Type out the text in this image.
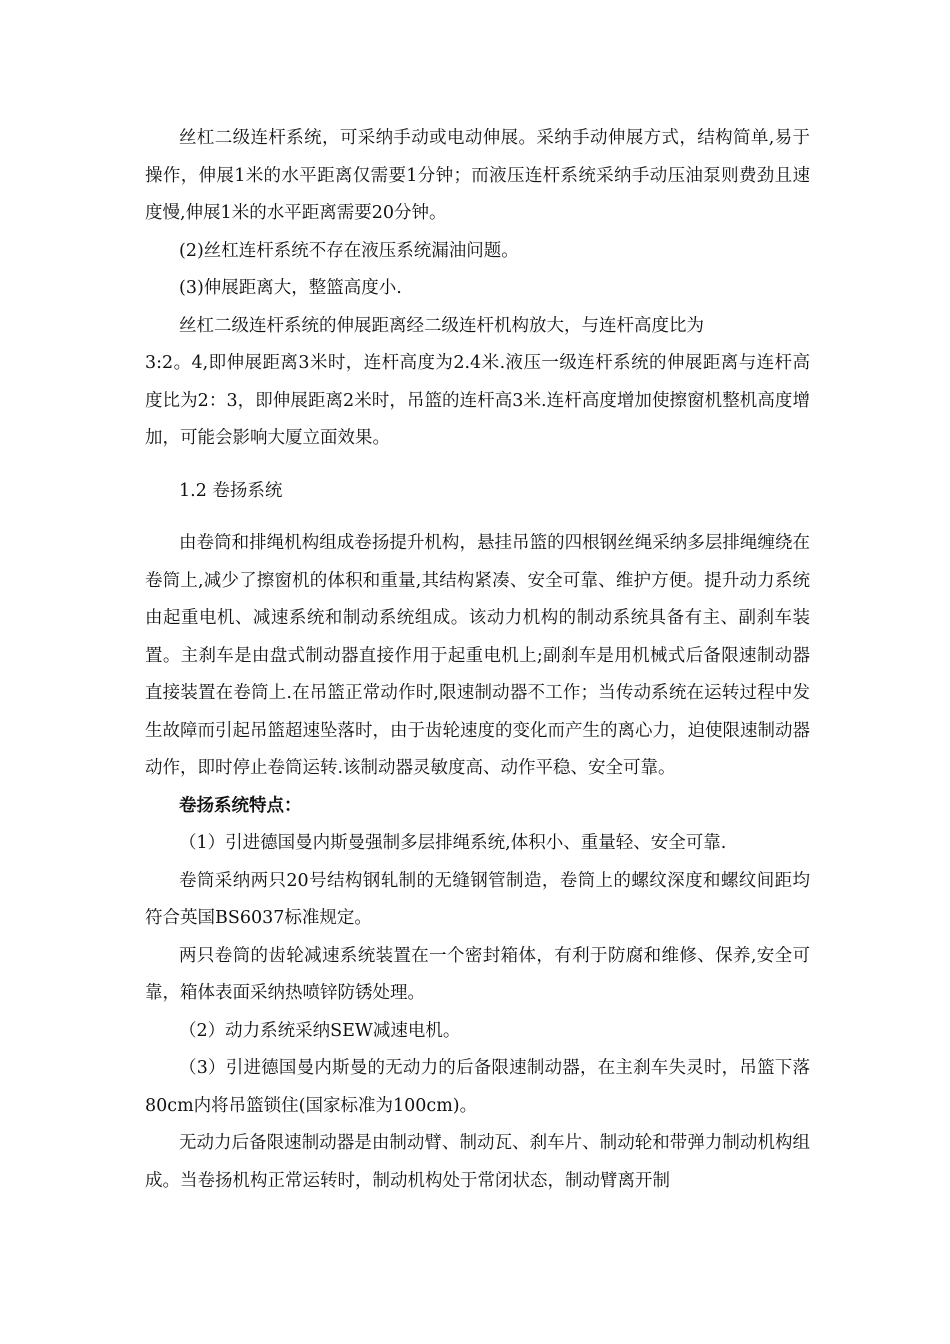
丝杠二级连杆系统，可采纳手动或电动伸展。采纳手动伸展方式，结构简单,易于操作，伸展1米的水平距离仅需要1分钟；而液压连杆系统采纳手动压油泵则费劲且速度慢,伸展1米的水平距离需要20分钟。

(2)丝杠连杆系统不存在液压系统漏油问题。

(3)伸展距离大，整篮高度小.

丝杠二级连杆系统的伸展距离经二级连杆机构放大，与连杆高度比为

3:2。4,即伸展距离3米时，连杆高度为2.4米.液压一级连杆系统的伸展距离与连杆高度比为2：3，即伸展距离2米时，吊篮的连杆高3米.连杆高度增加使擦窗机整机高度增加，可能会影响大厦立面效果。

1.2 卷扬系统

由卷筒和排绳机构组成卷扬提升机构，悬挂吊篮的四根钢丝绳采纳多层排绳缠绕在卷筒上,减少了擦窗机的体积和重量,其结构紧凑、安全可靠、维护方便。提升动力系统由起重电机、减速系统和制动系统组成。该动力机构的制动系统具备有主、副刹车装置。主刹车是由盘式制动器直接作用于起重电机上;副刹车是用机械式后备限速制动器直接装置在卷筒上.在吊篮正常动作时,限速制动器不工作；当传动系统在运转过程中发生故障而引起吊篮超速坠落时，由于齿轮速度的变化而产生的离心力，迫使限速制动器动作，即时停止卷筒运转.该制动器灵敏度高、动作平稳、安全可靠。

卷扬系统特点：

（1）引进德国曼内斯曼强制多层排绳系统,体积小、重量轻、安全可靠.

卷筒采纳两只20号结构钢轧制的无缝钢管制造，卷筒上的螺纹深度和螺纹间距均符合英国BS6037标准规定。

两只卷筒的齿轮减速系统装置在一个密封箱体，有利于防腐和维修、保养,安全可靠，箱体表面采纳热喷锌防锈处理。

（2）动力系统采纳SEW减速电机。

（3）引进德国曼内斯曼的无动力的后备限速制动器，在主刹车失灵时，吊篮下落80cm内将吊篮锁住(国家标准为100cm)。

无动力后备限速制动器是由制动臂、制动瓦、刹车片、制动轮和带弹力制动机构组成。当卷扬机构正常运转时，制动机构处于常闭状态，制动臂离开制
